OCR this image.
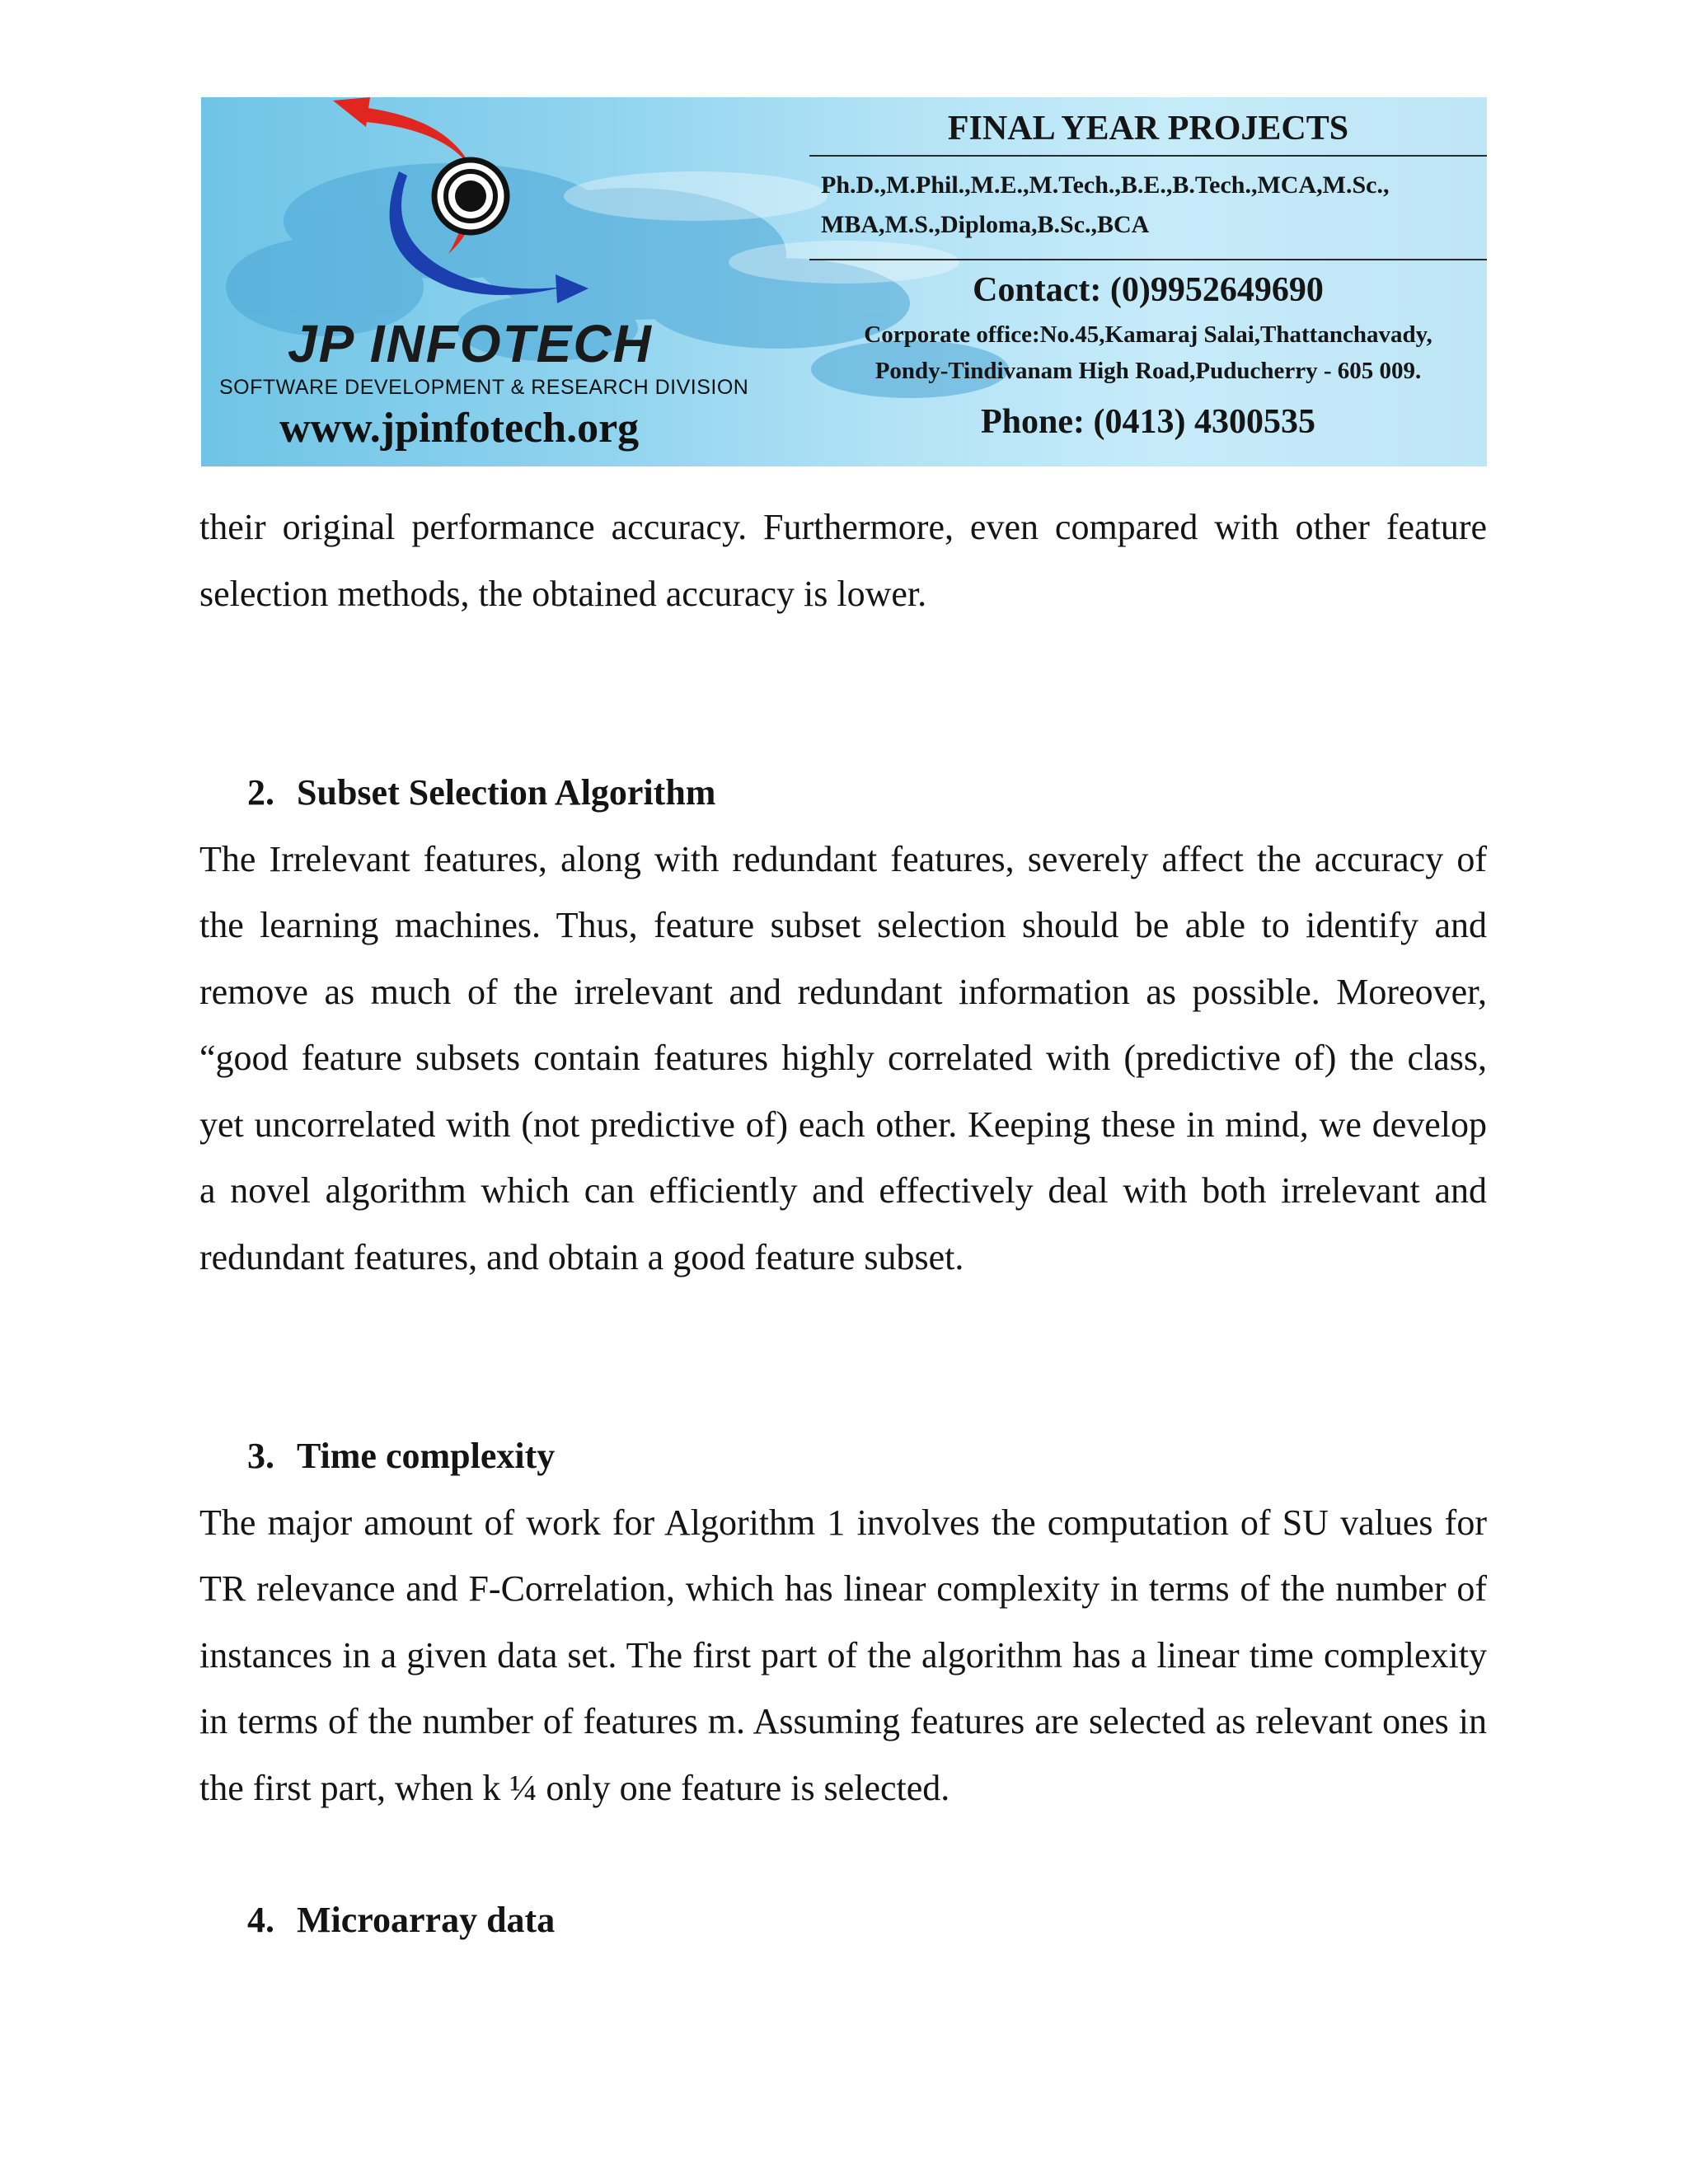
JP INFOTECH
SOFTWARE DEVELOPMENT & RESEARCH DIVISION
www.jpinfotech.org
FINAL YEAR PROJECTS
Ph.D.,M.Phil.,M.E.,M.Tech.,B.E.,B.Tech.,MCA,M.Sc.,
MBA,M.S.,Diploma,B.Sc.,BCA
Contact: (0)9952649690
Corporate office:No.45,Kamaraj Salai,Thattanchavady,
Pondy-Tindivanam High Road,Puducherry - 605 009.
Phone: (0413) 4300535

their original performance accuracy. Furthermore, even compared with other feature selection methods, the obtained accuracy is lower.

2. Subset Selection Algorithm

The Irrelevant features, along with redundant features, severely affect the accuracy of the learning machines. Thus, feature subset selection should be able to identify and remove as much of the irrelevant and redundant information as possible. Moreover, “good feature subsets contain features highly correlated with (predictive of) the class, yet uncorrelated with (not predictive of) each other. Keeping these in mind, we develop a novel algorithm which can efficiently and effectively deal with both irrelevant and redundant features, and obtain a good feature subset.

3. Time complexity

The major amount of work for Algorithm 1 involves the computation of SU values for TR relevance and F-Correlation, which has linear complexity in terms of the number of instances in a given data set. The first part of the algorithm has a linear time complexity in terms of the number of features m. Assuming features are selected as relevant ones in the first part, when k ¼ only one feature is selected.

4. Microarray data
